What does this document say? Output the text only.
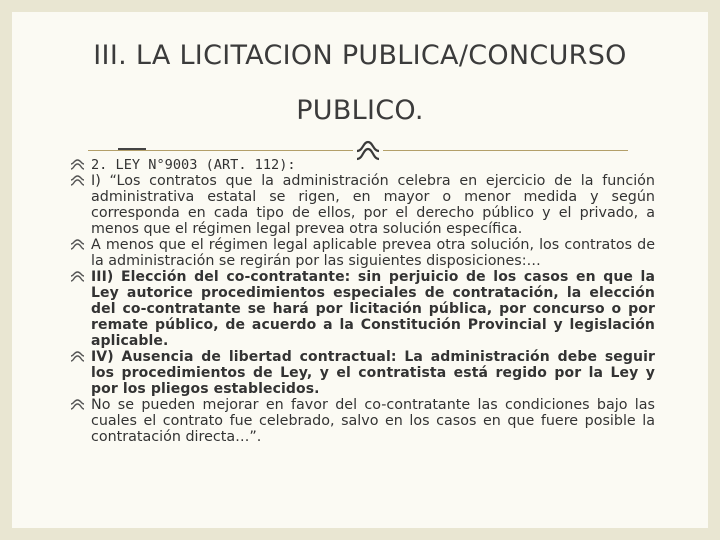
III. LA LICITACION PUBLICA/CONCURSO
PUBLICO.
2. LEY N°9003 (ART. 112):
I) “Los contratos que la administración celebra en ejercicio de la función administrativa estatal se rigen, en mayor o menor medida y según corresponda en cada tipo de ellos, por el derecho público y el privado, a menos que el régimen legal prevea otra solución específica.
A menos que el régimen legal aplicable prevea otra solución, los contratos de la administración se regirán por las siguientes disposiciones:…
III) Elección del co-contratante: sin perjuicio de los casos en que la Ley autorice procedimientos especiales de contratación, la elección del co-contratante se hará por licitación pública, por concurso o por remate público, de acuerdo a la Constitución Provincial y legislación aplicable.
IV) Ausencia de libertad contractual: La administración debe seguir los procedimientos de Ley, y el contratista está regido por la Ley y por los pliegos establecidos.
No se pueden mejorar en favor del co-contratante las condiciones bajo las cuales el contrato fue celebrado, salvo en los casos en que fuere posible la contratación directa…”.
